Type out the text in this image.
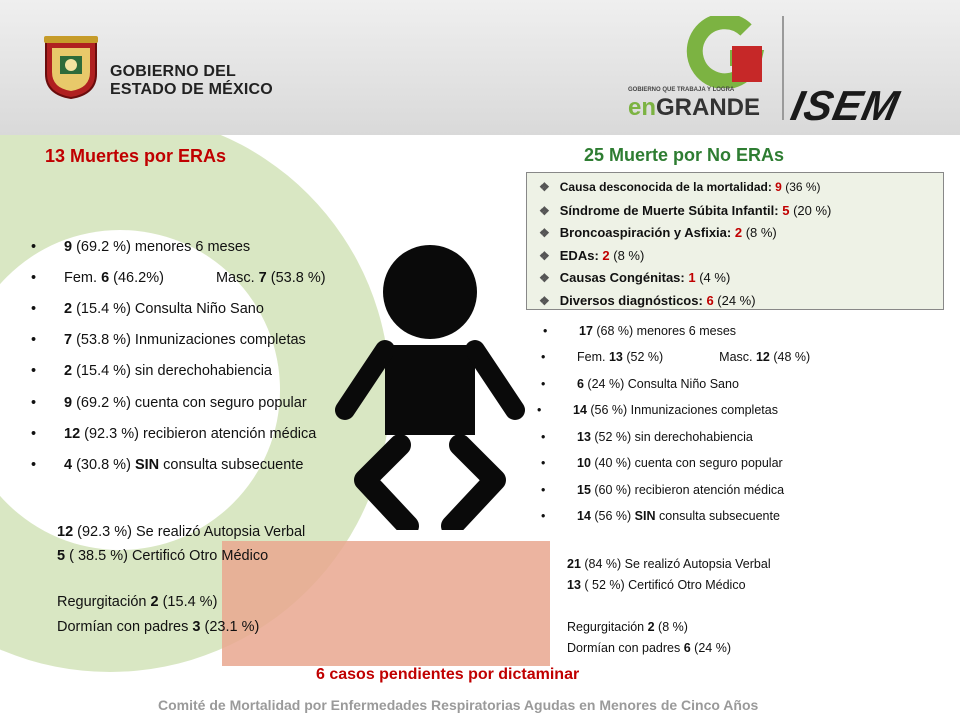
GOBIERNO DEL
ESTADO DE MÉXICO	GOBIERNO QUE TRABAJA Y LOGRA
enGRANDE ISEM
13 Muertes por ERAs	25 Muerte por No ERAs
• 9 (69.2 %) menores 6 meses
• Fem. 6 (46.2%)	Masc. 7 (53.8 %)
• 2 (15.4 %) Consulta Niño Sano
• 7 (53.8 %) Inmunizaciones completas
• 2 (15.4 %) sin derechohabiencia
• 9 (69.2 %) cuenta con seguro popular
• 12 (92.3 %) recibieron atención médica
• 4 (30.8 %) SIN consulta subsecuente
12 (92.3 %) Se realizó Autopsia Verbal
5 ( 38.5 %) Certificó Otro Médico
Regurgitación 2 (15.4 %)
Dormían con padres 3 (23.1 %)
❖ Causa desconocida de la mortalidad: 9 (36 %)
❖ Síndrome de Muerte Súbita Infantil: 5 (20 %)
❖ Broncoaspiración y Asfixia: 2 (8 %)
❖ EDAs: 2 (8 %)
❖ Causas Congénitas: 1 (4 %)
❖ Diversos diagnósticos: 6 (24 %)
•	17 (68 %) menores 6 meses
•	Fem. 13 (52 %)	Masc. 12 (48 %)
•	6 (24 %) Consulta Niño Sano
•	14 (56 %) Inmunizaciones completas
•	13 (52 %) sin derechohabiencia
•	10 (40 %) cuenta con seguro popular
•	15 (60 %) recibieron atención médica
•	14 (56 %) SIN consulta subsecuente
21 (84 %) Se realizó Autopsia Verbal
13 ( 52 %) Certificó Otro Médico
Regurgitación 2 (8 %)
Dormían con padres 6 (24 %)
6 casos pendientes por dictaminar
Comité de Mortalidad por Enfermedades Respiratorias Agudas en Menores de Cinco Años
